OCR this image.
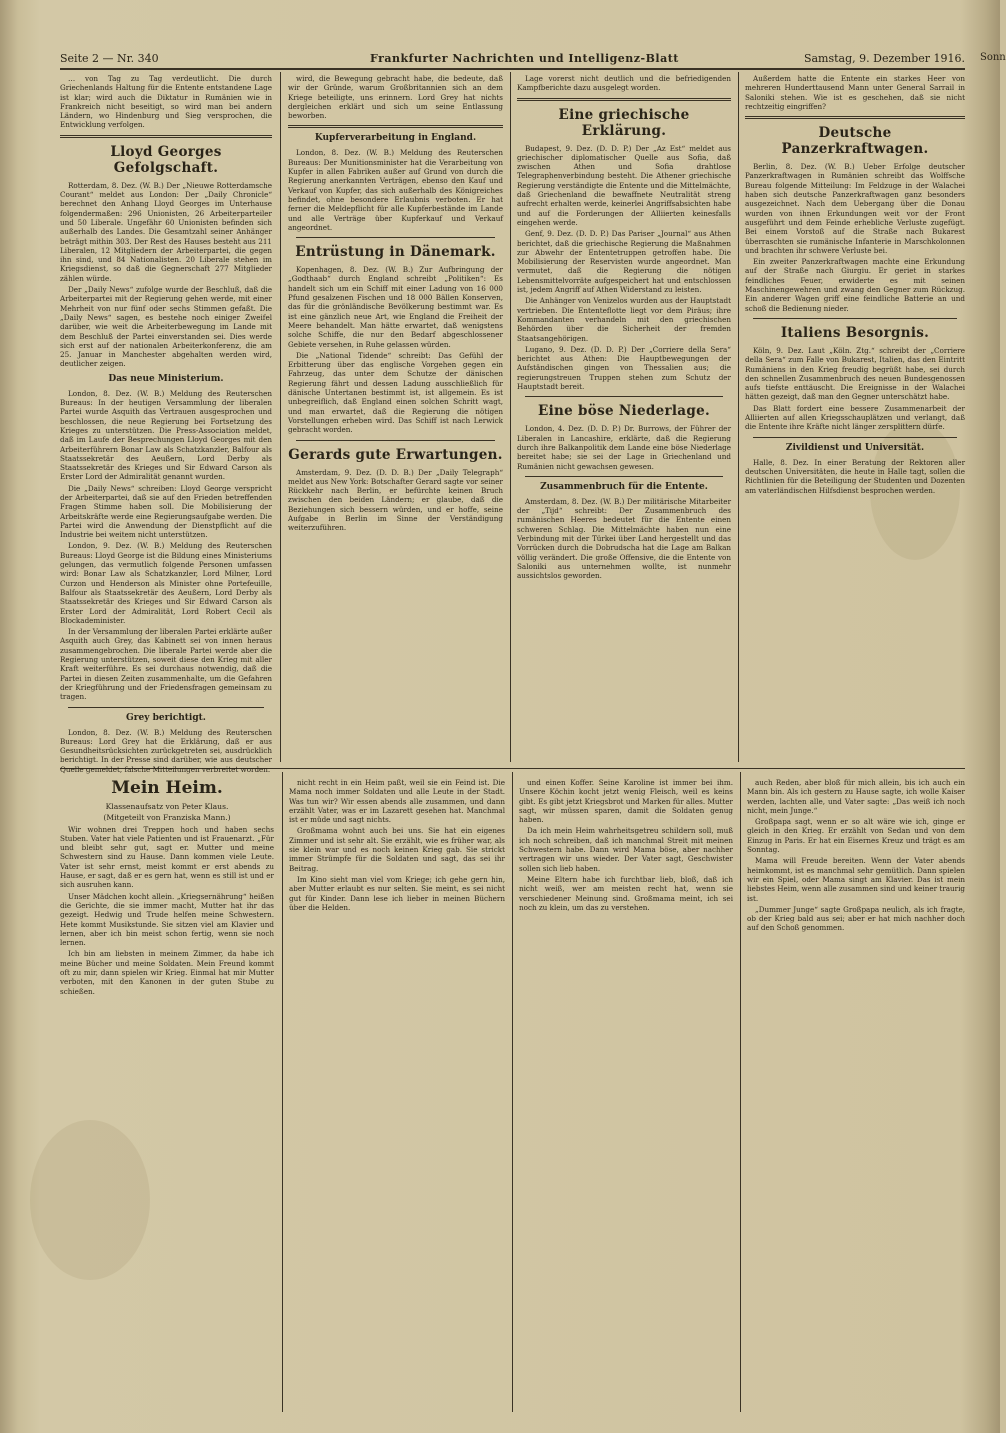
Seite 2 — Nr. 340	Frankfurter Nachrichten und Intelligenz-Blatt	Samstag, 9. Dezember 1916. Sonn

… von Tag zu Tag verdeutlicht. Die durch Griechenlands Haltung für die Entente entstandene Lage ist klar; wird auch die Diktatur in Rumänien wie in Frankreich nicht beseitigt, so wird man bei andern Ländern, wo Hindenburg und Sieg versprochen, die Entwicklung verfolgen.

Lloyd Georges Gefolgschaft.

Rotterdam, 8. Dez. (W. B.) Der „Nieuwe Rotterdamsche Courant“ meldet aus London: Der „Daily Chronicle“ berechnet den Anhang Lloyd Georges im Unterhause folgendermaßen: 296 Unionisten, 26 Arbeiterparteiler und 50 Liberale. Ungefähr 60 Unionisten befinden sich außerhalb des Landes. Die Gesamtzahl seiner Anhänger beträgt mithin 303. Der Rest des Hauses besteht aus 211 Liberalen, 12 Mitgliedern der Arbeiterpartei, die gegen ihn sind, und 84 Nationalisten. 20 Liberale stehen im Kriegsdienst, so daß die Gegnerschaft 277 Mitglieder zählen würde.

Der „Daily News“ zufolge wurde der Beschluß, daß die Arbeiterpartei mit der Regierung gehen werde, mit einer Mehrheit von nur fünf oder sechs Stimmen gefaßt. Die „Daily News“ sagen, es bestehe noch einiger Zweifel darüber, wie weit die Arbeiterbewegung im Lande mit dem Beschluß der Partei einverstanden sei. Dies werde sich erst auf der nationalen Arbeiterkonferenz, die am 25. Januar in Manchester abgehalten werden wird, deutlicher zeigen.

Das neue Ministerium.

London, 8. Dez. (W. B.) Meldung des Reuterschen Bureaus: In der heutigen Versammlung der liberalen Partei wurde Asquith das Vertrauen ausgesprochen und beschlossen, die neue Regierung bei Fortsetzung des Krieges zu unterstützen. Die Press-Association meldet, daß im Laufe der Besprechungen Lloyd Georges mit den Arbeiterführern Bonar Law als Schatzkanzler, Balfour als Staatssekretär des Aeußern, Lord Derby als Staatssekretär des Krieges und Sir Edward Carson als Erster Lord der Admiralität genannt wurden.

Die „Daily News“ schreiben: Lloyd George verspricht der Arbeiterpartei, daß sie auf den Frieden betreffenden Fragen Stimme haben soll. Die Mobilisierung der Arbeitskräfte werde eine Regierungsaufgabe werden. Die Partei wird die Anwendung der Dienstpflicht auf die Industrie bei weitem nicht unterstützen.

London, 9. Dez. (W. B.) Meldung des Reuterschen Bureaus: Lloyd George ist die Bildung eines Ministeriums gelungen, das vermutlich folgende Personen umfassen wird: Bonar Law als Schatzkanzler, Lord Milner, Lord Curzon und Henderson als Minister ohne Portefeuille, Balfour als Staatssekretär des Aeußern, Lord Derby als Staatssekretär des Krieges und Sir Edward Carson als Erster Lord der Admiralität, Lord Robert Cecil als Blockademinister.

In der Versammlung der liberalen Partei erklärte außer Asquith auch Grey, das Kabinett sei von innen heraus zusammengebrochen. Die liberale Partei werde aber die Regierung unterstützen, soweit diese den Krieg mit aller Kraft weiterführe. Es sei durchaus notwendig, daß die Partei in diesen Zeiten zusammenhalte, um die Gefahren der Kriegführung und der Friedensfragen gemeinsam zu tragen.

Grey berichtigt.

London, 8. Dez. (W. B.) Meldung des Reuterschen Bureaus: Lord Grey hat die Erklärung, daß er aus Gesundheitsrücksichten zurückgetreten sei, ausdrücklich berichtigt. In der Presse sind darüber, wie aus deutscher Quelle gemeldet, falsche Mitteilungen verbreitet worden.

wird, die Bewegung gebracht habe, die bedeute, daß wir der Gründe, warum Großbritannien sich an dem Kriege beteiligte, uns erinnern. Lord Grey hat nichts dergleichen erklärt und sich um seine Entlassung beworben.

Kupferverarbeitung in England.

London, 8. Dez. (W. B.) Meldung des Reuterschen Bureaus: Der Munitionsminister hat die Verarbeitung von Kupfer in allen Fabriken außer auf Grund von durch die Regierung anerkannten Verträgen, ebenso den Kauf und Verkauf von Kupfer, das sich außerhalb des Königreiches befindet, ohne besondere Erlaubnis verboten. Er hat ferner die Meldepflicht für alle Kupferbestände im Lande und alle Verträge über Kupferkauf und Verkauf angeordnet.

Entrüstung in Dänemark.

Kopenhagen, 8. Dez. (W. B.) Zur Aufbringung der „Godthaab“ durch England schreibt „Politiken“: Es handelt sich um ein Schiff mit einer Ladung von 16 000 Pfund gesalzenen Fischen und 18 000 Bällen Konserven, das für die grönländische Bevölkerung bestimmt war. Es ist eine gänzlich neue Art, wie England die Freiheit der Meere behandelt. Man hätte erwartet, daß wenigstens solche Schiffe, die nur den Bedarf abgeschlossener Gebiete versehen, in Ruhe gelassen würden.

Die „National Tidende“ schreibt: Das Gefühl der Erbitterung über das englische Vorgehen gegen ein Fahrzeug, das unter dem Schutze der dänischen Regierung fährt und dessen Ladung ausschließlich für dänische Untertanen bestimmt ist, ist allgemein. Es ist unbegreiflich, daß England einen solchen Schritt wagt, und man erwartet, daß die Regierung die nötigen Vorstellungen erheben wird. Das Schiff ist nach Lerwick gebracht worden.

Gerards gute Erwartungen.

Amsterdam, 9. Dez. (D. D. B.) Der „Daily Telegraph“ meldet aus New York: Botschafter Gerard sagte vor seiner Rückkehr nach Berlin, er befürchte keinen Bruch zwischen den beiden Ländern; er glaube, daß die Beziehungen sich bessern würden, und er hoffe, seine Aufgabe in Berlin im Sinne der Verständigung weiterzuführen.

Lage vorerst nicht deutlich und die befriedigenden Kampfberichte dazu ausgelegt worden.

Eine griechische Erklärung.

Budapest, 9. Dez. (D. D. P.) Der „Az Est“ meldet aus griechischer diplomatischer Quelle aus Sofia, daß zwischen Athen und Sofia drahtlose Telegraphenverbindung besteht. Die Athener griechische Regierung verständigte die Entente und die Mittelmächte, daß Griechenland die bewaffnete Neutralität streng aufrecht erhalten werde, keinerlei Angriffsabsichten habe und auf die Forderungen der Alliierten keinesfalls eingehen werde.

Genf, 9. Dez. (D. D. P.) Das Pariser „Journal“ aus Athen berichtet, daß die griechische Regierung die Maßnahmen zur Abwehr der Ententetruppen getroffen habe. Die Mobilisierung der Reservisten wurde angeordnet. Man vermutet, daß die Regierung die nötigen Lebensmittelvorräte aufgespeichert hat und entschlossen ist, jedem Angriff auf Athen Widerstand zu leisten.

Die Anhänger von Venizelos wurden aus der Hauptstadt vertrieben. Die Ententeflotte liegt vor dem Piräus; ihre Kommandanten verhandeln mit den griechischen Behörden über die Sicherheit der fremden Staatsangehörigen.

Lugano, 9. Dez. (D. D. P.) Der „Corriere della Sera“ berichtet aus Athen: Die Hauptbewegungen der Aufständischen gingen von Thessalien aus; die regierungstreuen Truppen stehen zum Schutz der Hauptstadt bereit.

Eine böse Niederlage.

London, 4. Dez. (D. D. P.) Dr. Burrows, der Führer der Liberalen in Lancashire, erklärte, daß die Regierung durch ihre Balkanpolitik dem Lande eine böse Niederlage bereitet habe; sie sei der Lage in Griechenland und Rumänien nicht gewachsen gewesen.

Zusammenbruch für die Entente.

Amsterdam, 8. Dez. (W. B.) Der militärische Mitarbeiter der „Tijd“ schreibt: Der Zusammenbruch des rumänischen Heeres bedeutet für die Entente einen schweren Schlag. Die Mittelmächte haben nun eine Verbindung mit der Türkei über Land hergestellt und das Vorrücken durch die Dobrudscha hat die Lage am Balkan völlig verändert. Die große Offensive, die die Entente von Saloniki aus unternehmen wollte, ist nunmehr aussichtslos geworden.

Außerdem hatte die Entente ein starkes Heer von mehreren Hunderttausend Mann unter General Sarrail in Saloniki stehen. Wie ist es geschehen, daß sie nicht rechtzeitig eingriffen?

Deutsche Panzerkraftwagen.

Berlin, 8. Dez. (W. B.) Ueber Erfolge deutscher Panzerkraftwagen in Rumänien schreibt das Wolffsche Bureau folgende Mitteilung: Im Feldzuge in der Walachei haben sich deutsche Panzerkraftwagen ganz besonders ausgezeichnet. Nach dem Uebergang über die Donau wurden von ihnen Erkundungen weit vor der Front ausgeführt und dem Feinde erhebliche Verluste zugefügt. Bei einem Vorstoß auf die Straße nach Bukarest überraschten sie rumänische Infanterie in Marschkolonnen und brachten ihr schwere Verluste bei.

Ein zweiter Panzerkraftwagen machte eine Erkundung auf der Straße nach Giurgiu. Er geriet in starkes feindliches Feuer, erwiderte es mit seinen Maschinengewehren und zwang den Gegner zum Rückzug. Ein anderer Wagen griff eine feindliche Batterie an und schoß die Bedienung nieder.

Italiens Besorgnis.

Köln, 9. Dez. Laut „Köln. Ztg.“ schreibt der „Corriere della Sera“ zum Falle von Bukarest, Italien, das den Eintritt Rumäniens in den Krieg freudig begrüßt habe, sei durch den schnellen Zusammenbruch des neuen Bundesgenossen aufs tiefste enttäuscht. Die Ereignisse in der Walachei hätten gezeigt, daß man den Gegner unterschätzt habe.

Das Blatt fordert eine bessere Zusammenarbeit der Alliierten auf allen Kriegsschauplätzen und verlangt, daß die Entente ihre Kräfte nicht länger zersplittern dürfe.

Zivildienst und Universität.

Halle, 8. Dez. In einer Beratung der Rektoren aller deutschen Universitäten, die heute in Halle tagt, sollen die Richtlinien für die Beteiligung der Studenten und Dozenten am vaterländischen Hilfsdienst besprochen werden.

Mein Heim.

Klassenaufsatz von Peter Klaus.

(Mitgeteilt von Franziska Mann.)

Wir wohnen drei Treppen hoch und haben sechs Stuben. Vater hat viele Patienten und ist Frauenarzt. „Für und bleibt sehr gut, sagt er. Mutter und meine Schwestern sind zu Hause. Dann kommen viele Leute. Vater ist sehr ernst, meist kommt er erst abends zu Hause, er sagt, daß er es gern hat, wenn es still ist und er sich ausruhen kann.

Unser Mädchen kocht allein. „Kriegsernährung“ heißen die Gerichte, die sie immer macht, Mutter hat ihr das gezeigt. Hedwig und Trude helfen meine Schwestern. Hete kommt Musikstunde. Sie sitzen viel am Klavier und lernen, aber ich bin meist schon fertig, wenn sie noch lernen.

Ich bin am liebsten in meinem Zimmer, da habe ich meine Bücher und meine Soldaten. Mein Freund kommt oft zu mir, dann spielen wir Krieg. Einmal hat mir Mutter verboten, mit den Kanonen in der guten Stube zu schießen.

nicht recht in ein Heim paßt, weil sie ein Feind ist. Die Mama noch immer Soldaten und alle Leute in der Stadt. Was tun wir? Wir essen abends alle zusammen, und dann erzählt Vater, was er im Lazarett gesehen hat. Manchmal ist er müde und sagt nichts.

Großmama wohnt auch bei uns. Sie hat ein eigenes Zimmer und ist sehr alt. Sie erzählt, wie es früher war, als sie klein war und es noch keinen Krieg gab. Sie strickt immer Strümpfe für die Soldaten und sagt, das sei ihr Beitrag.

Im Kino sieht man viel vom Kriege; ich gehe gern hin, aber Mutter erlaubt es nur selten. Sie meint, es sei nicht gut für Kinder. Dann lese ich lieber in meinen Büchern über die Helden.

und einen Koffer. Seine Karoline ist immer bei ihm. Unsere Köchin kocht jetzt wenig Fleisch, weil es keins gibt. Es gibt jetzt Kriegsbrot und Marken für alles. Mutter sagt, wir müssen sparen, damit die Soldaten genug haben.

Da ich mein Heim wahrheitsgetreu schildern soll, muß ich noch schreiben, daß ich manchmal Streit mit meinen Schwestern habe. Dann wird Mama böse, aber nachher vertragen wir uns wieder. Der Vater sagt, Geschwister sollen sich lieb haben.

Meine Eltern habe ich furchtbar lieb, bloß, daß ich nicht weiß, wer am meisten recht hat, wenn sie verschiedener Meinung sind. Großmama meint, ich sei noch zu klein, um das zu verstehen.

auch Reden, aber bloß für mich allein, bis ich auch ein Mann bin. Als ich gestern zu Hause sagte, ich wolle Kaiser werden, lachten alle, und Vater sagte: „Das weiß ich noch nicht, mein Junge.“

Großpapa sagt, wenn er so alt wäre wie ich, ginge er gleich in den Krieg. Er erzählt von Sedan und von dem Einzug in Paris. Er hat ein Eisernes Kreuz und trägt es am Sonntag.

Mama will Freude bereiten. Wenn der Vater abends heimkommt, ist es manchmal sehr gemütlich. Dann spielen wir ein Spiel, oder Mama singt am Klavier. Das ist mein liebstes Heim, wenn alle zusammen sind und keiner traurig ist.

„Dummer Junge“ sagte Großpapa neulich, als ich fragte, ob der Krieg bald aus sei; aber er hat mich nachher doch auf den Schoß genommen.
